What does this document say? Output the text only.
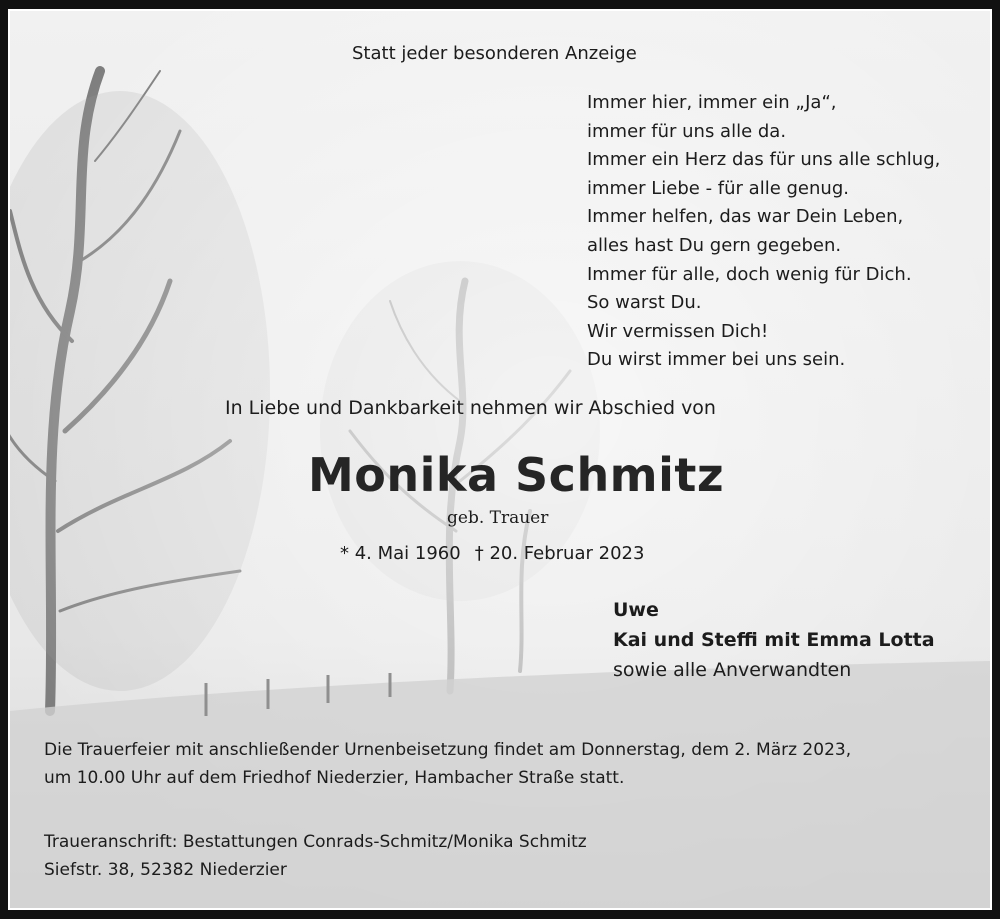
Statt jeder besonderen Anzeige
Immer hier, immer ein „Ja“,
immer für uns alle da.
Immer ein Herz das für uns alle schlug,
immer Liebe - für alle genug.
Immer helfen, das war Dein Leben,
alles hast Du gern gegeben.
Immer für alle, doch wenig für Dich.
So warst Du.
Wir vermissen Dich!
Du wirst immer bei uns sein.
In Liebe und Dankbarkeit nehmen wir Abschied von
Monika Schmitz
geb. Trauer
* 4. Mai 1960 † 20. Februar 2023
Uwe
Kai und Steffi mit Emma Lotta
sowie alle Anverwandten
Die Trauerfeier mit anschließender Urnenbeisetzung findet am Donnerstag, dem 2. März 2023,
um 10.00 Uhr auf dem Friedhof Niederzier, Hambacher Straße statt.
Traueranschrift: Bestattungen Conrads-Schmitz/Monika Schmitz
Siefstr. 38, 52382 Niederzier
